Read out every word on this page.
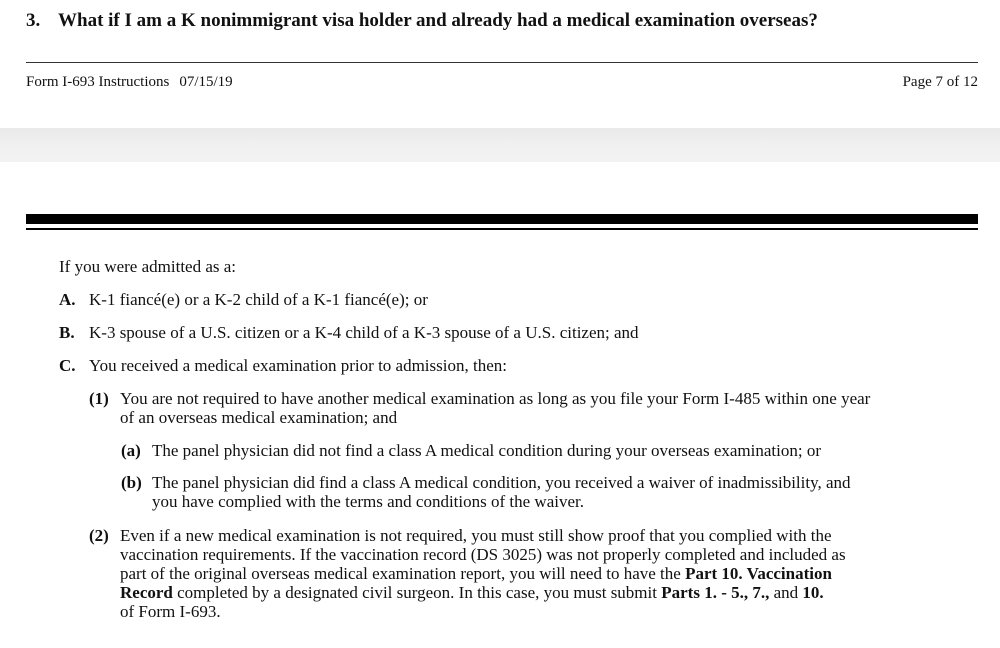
3. What if I am a K nonimmigrant visa holder and already had a medical examination overseas?
Form I-693 Instructions 07/15/19	Page 7 of 12
If you were admitted as a:
A. K-1 fiancé(e) or a K-2 child of a K-1 fiancé(e); or
B. K-3 spouse of a U.S. citizen or a K-4 child of a K-3 spouse of a U.S. citizen; and
C. You received a medical examination prior to admission, then:
(1) You are not required to have another medical examination as long as you file your Form I-485 within one year
of an overseas medical examination; and
(a) The panel physician did not find a class A medical condition during your overseas examination; or
(b) The panel physician did find a class A medical condition, you received a waiver of inadmissibility, and
you have complied with the terms and conditions of the waiver.
(2) Even if a new medical examination is not required, you must still show proof that you complied with the
vaccination requirements. If the vaccination record (DS 3025) was not properly completed and included as
part of the original overseas medical examination report, you will need to have the Part 10. Vaccination
Record completed by a designated civil surgeon. In this case, you must submit Parts 1. - 5., 7., and 10.
of Form I-693.
